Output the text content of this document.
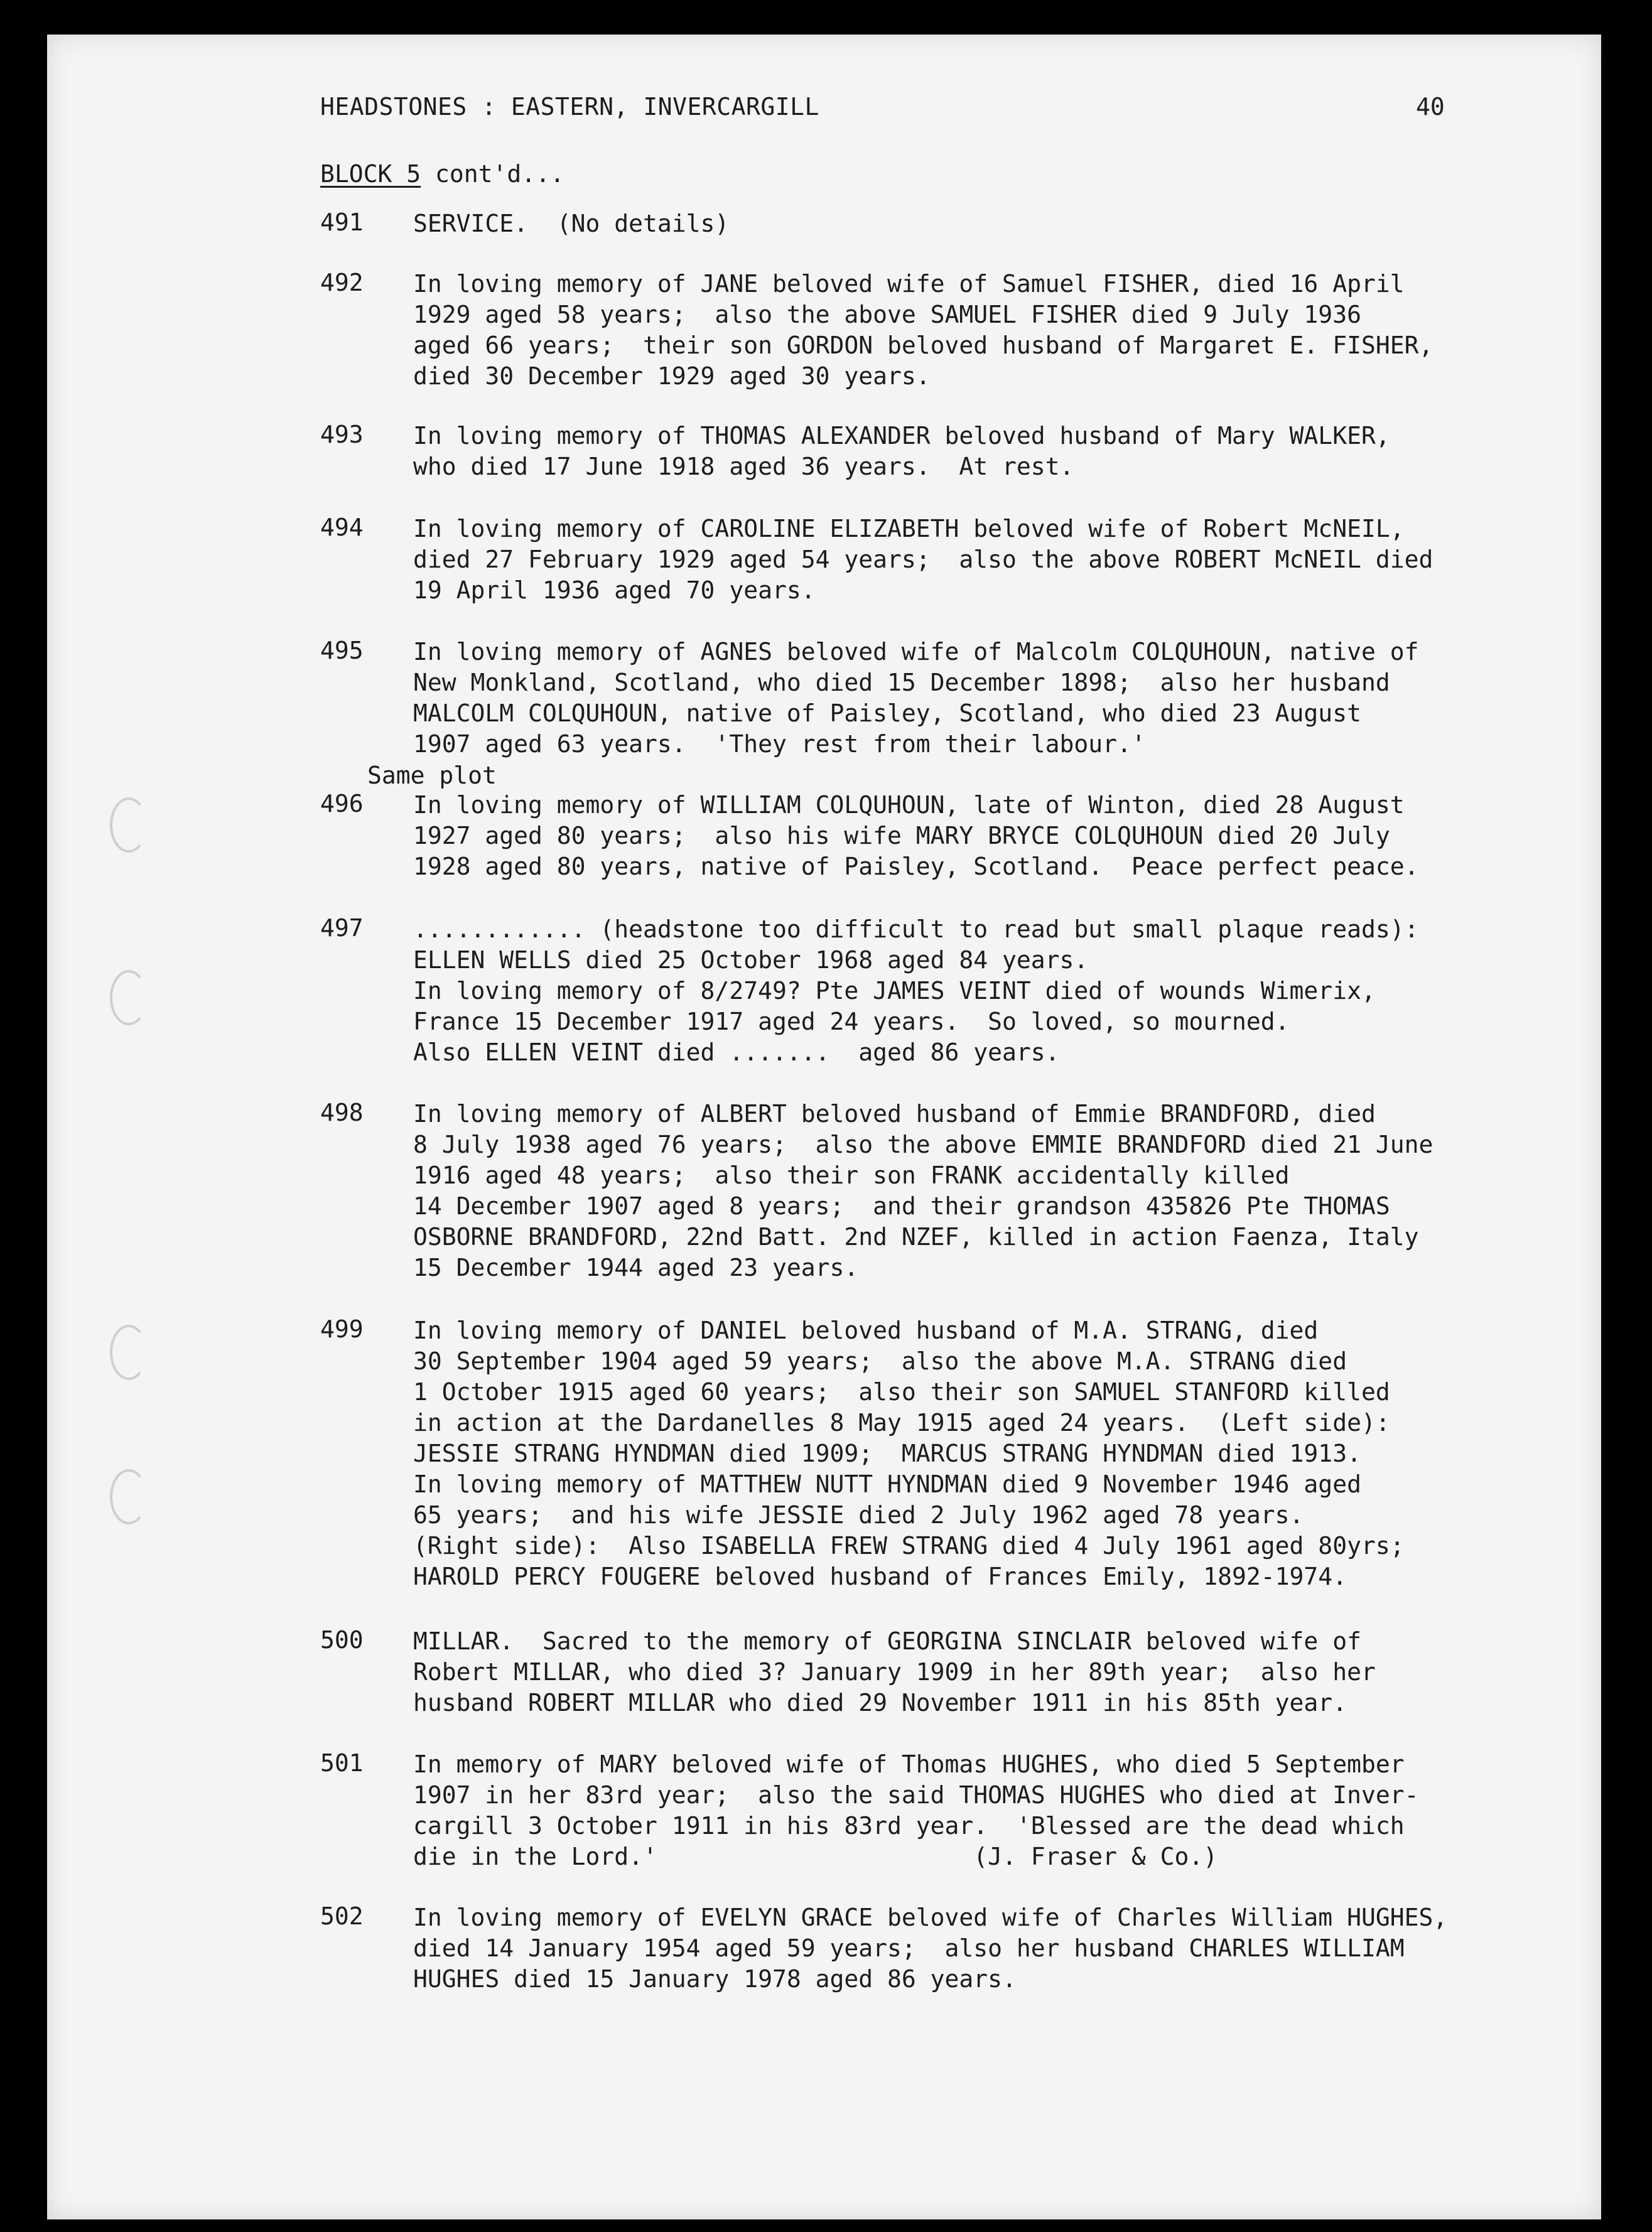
HEADSTONES : EASTERN, INVERCARGILL	40
BLOCK 5 cont'd...
491 SERVICE.  (No details)
492 In loving memory of JANE beloved wife of Samuel FISHER, died 16 April
1929 aged 58 years;  also the above SAMUEL FISHER died 9 July 1936
aged 66 years;  their son GORDON beloved husband of Margaret E. FISHER,
died 30 December 1929 aged 30 years.
493 In loving memory of THOMAS ALEXANDER beloved husband of Mary WALKER,
who died 17 June 1918 aged 36 years.  At rest.
494 In loving memory of CAROLINE ELIZABETH beloved wife of Robert McNEIL,
died 27 February 1929 aged 54 years;  also the above ROBERT McNEIL died
19 April 1936 aged 70 years.
495 In loving memory of AGNES beloved wife of Malcolm COLQUHOUN, native of
New Monkland, Scotland, who died 15 December 1898;  also her husband
MALCOLM COLQUHOUN, native of Paisley, Scotland, who died 23 August
1907 aged 63 years.  'They rest from their labour.'
496 In loving memory of WILLIAM COLQUHOUN, late of Winton, died 28 August
1927 aged 80 years;  also his wife MARY BRYCE COLQUHOUN died 20 July
1928 aged 80 years, native of Paisley, Scotland.  Peace perfect peace.
497 ............ (headstone too difficult to read but small plaque reads):
ELLEN WELLS died 25 October 1968 aged 84 years.
In loving memory of 8/2749? Pte JAMES VEINT died of wounds Wimerix,
France 15 December 1917 aged 24 years.  So loved, so mourned.
Also ELLEN VEINT died .......  aged 86 years.
498 In loving memory of ALBERT beloved husband of Emmie BRANDFORD, died
8 July 1938 aged 76 years;  also the above EMMIE BRANDFORD died 21 June
1916 aged 48 years;  also their son FRANK accidentally killed
14 December 1907 aged 8 years;  and their grandson 435826 Pte THOMAS
OSBORNE BRANDFORD, 22nd Batt. 2nd NZEF, killed in action Faenza, Italy
15 December 1944 aged 23 years.
499 In loving memory of DANIEL beloved husband of M.A. STRANG, died
30 September 1904 aged 59 years;  also the above M.A. STRANG died
1 October 1915 aged 60 years;  also their son SAMUEL STANFORD killed
in action at the Dardanelles 8 May 1915 aged 24 years.  (Left side):
JESSIE STRANG HYNDMAN died 1909;  MARCUS STRANG HYNDMAN died 1913.
In loving memory of MATTHEW NUTT HYNDMAN died 9 November 1946 aged
65 years;  and his wife JESSIE died 2 July 1962 aged 78 years.
(Right side):  Also ISABELLA FREW STRANG died 4 July 1961 aged 80yrs;
HAROLD PERCY FOUGERE beloved husband of Frances Emily, 1892-1974.
500 MILLAR.  Sacred to the memory of GEORGINA SINCLAIR beloved wife of
Robert MILLAR, who died 3? January 1909 in her 89th year;  also her
husband ROBERT MILLAR who died 29 November 1911 in his 85th year.
501 In memory of MARY beloved wife of Thomas HUGHES, who died 5 September
1907 in her 83rd year;  also the said THOMAS HUGHES who died at Inver-
cargill 3 October 1911 in his 83rd year.  'Blessed are the dead which
die in the Lord.'                      (J. Fraser & Co.)
502 In loving memory of EVELYN GRACE beloved wife of Charles William HUGHES,
died 14 January 1954 aged 59 years;  also her husband CHARLES WILLIAM
HUGHES died 15 January 1978 aged 86 years.
Same plot
